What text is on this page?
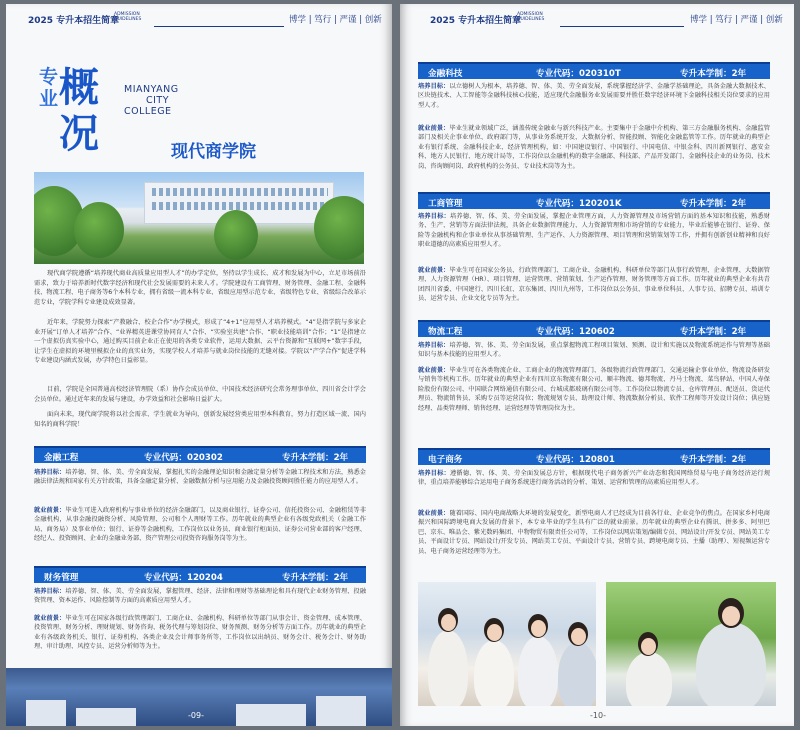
2025 专升本招生简章
ADMISSION
GUIDELINES	博学 | 笃行 | 严谨 | 创新
专
业 概
况
MIANYANG
CITY
COLLEGE
现代商学院

现代商学院遵循“培养现代商业高质量应用型人才”的办学定位，坚持以学生成长、成才和发展为中心，立足市场前沿需求，致力于培养新时代数字经济和现代社会发展需要的未来人才。学院建设有工商管理、财务管理、金融工程、金融科技、物流工程、电子商务等6个本科专业，拥有省级一流本科专业、省级应用型示范专业、省级特色专业、省级综合改革示范专业，学院学科专业建设成效显著。

近年来，学院努力探索“产教融合、校企合作”办学模式，形成了“4+1”应用型人才培养模式。“4”是指学院与多家企业开展“订单人才培养”合作、“业界精英进课堂协同育人”合作、“实验室共建”合作、“职业技能培训”合作；“1”是指建立一个虚拟仿真实验中心，通过购买目前企业正在使用的各类专业软件，运用大数据、云平台资源和“互联网+”数字手段，让学生在虚拟的环境里模拟企业的真实业务，实现学校人才培养与就业岗位技能的无缝对接。学院以“产学合作”促进学科专业建设内涵式发展，办学特色日益彰显。

目前，学院是全国普通高校经济管理院（系）协作会成员单位、中国技术经济研究会常务理事单位、四川省会计学会会员单位。通过近年来的发展与建设，办学效益和社会影响日益扩大。

面向未来，现代商学院将以社会需求、学生就业为导向，创新发展经营类应用型本科教育，努力打造区域一流、国内知名的商科学院！

金融工程	专业代码：020302	专升本学制：2年

培养目标：培养德、智、体、美、劳全面发展，掌握扎实的金融理论知识和金融定量分析等金融工程技术和方法，熟悉金融法律法规和国家有关方针政策，具备金融定量分析、金融数据分析与应用能力及金融投资顾问胜任能力的应用型人才。

就业前景：毕业生可进入政府机构与事业单位的经济金融部门，以及商业银行、证券公司、信托投资公司、金融租赁等非金融机构，从事金融投融资分析、风险管理、公司和个人理财等工作。历年就业的典型企业有各级党政机关（金融工作局、商务局）及事业单位；银行、证券等金融机构，工作岗位以业务员、商业银行柜面员、证券公司营业部的客户经理、经纪人、投资顾问、企业的金融业务部、资产管理公司投资咨询服务岗等为主。

财务管理	专业代码：120204	专升本学制：2年

培养目标：培养德、智、体、美、劳全面发展，掌握管理、经济、法律和理财等基础理论和具有现代企业财务管理、投融资管理、资本运作、风险控制等方面的高素质应用型人才。

就业前景：毕业生可在国家各级行政管理部门、工商企业、金融机构、科研单位等部门从事会计、资金管理、成本管理、投资管理、财务分析、理财规划、财务咨询、税务代理与筹划岗位、财务预测、财务分析等方面工作。历年就业的典型企业有各级政务机关、银行、证券机构、各类企业及会计师事务所等，工作岗位以出纳员、财务会计、税务会计、财务助理、审计助理、风控专员、运营分析师等为主。

-09-
2025 专升本招生简章
ADMISSION
GUIDELINES	博学 | 笃行 | 严谨 | 创新
金融科技	专业代码：020310T	专升本学制：2年

培养目标：以立德树人为根本，培养德、智、体、美、劳全面发展，系统掌握经济学、金融学基础理论，具备金融大数据技术、区块链技术、人工智能等金融科技核心技能，适应现代金融服务业发展需要并胜任数字经济环境下金融科技相关岗位要求的应用型人才。

就业前景：毕业生就业领域广泛，涵盖传统金融业与新兴科技产业。主要集中于金融中介机构、第三方金融服务机构、金融监管部门及相关企事业单位、政府部门等，从事业务系统开发、大数据分析、智能投顾、智能化金融监管等工作。历年就业的典型企业有银行系统、金融科技企业、经济管理机构，如：中国建设银行、中国银行、中国电信、中银金科、四川新网银行、惠安金科、地方人民银行、地方统计局等，工作岗位以金融机构的数字金融部、科技部、产品开发部门、金融科技企业的业务岗、技术岗、咨询顾问岗、政府机构的公务员、专业技术岗等为主。

工商管理	专业代码：120201K	专升本学制：2年

培养目标：培养德、智、体、美、劳全面发展，掌握企业管理方面，人力资源管理及市场营销方面的基本知识和技能，熟悉财务、生产、营销等方面法律法规，具备企业数据管理能力、人力资源管理和市场营销的专业能力，毕业后能够在银行、证券、保险等金融机构和企事业单位从事基础管理、生产运作、人力资源管理、项目管理和营销策划等工作，并拥有创新创业精神和良好职业道德的高素质应用型人才。

就业前景：毕业生可在国家公务员、行政管理部门、工商企业、金融机构、科研单位等部门从事行政管理、企业管理、大数据管理、人力资源管理（HR）、项目管理、运营管理、营销策划、生产运作管理、财务管理等方面工作。历年就业的典型企业有共青团四川省委、中国建行、四川长虹、京东集团、四川九州等，工作岗位以公务员、事业单位科员、人事专员、招聘专员、培训专员、运营专员、企业文化专员等为主。

物流工程	专业代码：120602	专升本学制：2年

培养目标：培养德、智、体、美、劳全面发展，重点掌握物流工程项目策划、预测、设计和实施以及物流系统运作与管理等基础知识与基本技能的应用型人才。

就业前景：毕业生可在各类物流企业、工商企业的物流管理部门、各级物流行政管理部门、交通运输企事业单位、物流设备研发与销售等机构工作。历年就业的典型企业有四川京东物流有限公司、顺丰物流、德邦物流、丹马士物流、菜鸟驿站、中国人寿保险股份有限公司、中国联合网络通信有限公司、台城成都玻璃有限公司等。工作岗位以物流专员、仓库管理员、配送员、货运代理员、物流销售员、采购专员等运营岗位；物流规划专员、助理设计师、物流数据分析员、软件工程师等开发设计岗位；供应链经理、品类管理师、销售经理、运营经理等管理岗位为主。

电子商务	专业代码：120801	专升本学制：2年

培养目标：遵循德、智、体、美、劳全面发展总方针，根据现代电子商务新兴产业动态和我国网络贸易与电子商务经济运行规律，重点培养能够综合运用电子商务系统进行商务活动的分析、策划、运营和管理的高素质应用型人才。

就业前景：随着国际、国内电商战略大环境的发展变化，新型电商人才已经成为目前各行业、企业竞争的焦点。在国家乡村电商振兴和国际跨境电商大发展的背景下，本专业毕业的学生具有广泛的就业前景。历年就业的典型企业有腾讯、拼多多、阿里巴巴、京东、唯品会、紫光数码集团、中物物贸有限责任公司等，工作岗位以网店策划/编辑专员、网站设计/开发专员、网站美工专员、平面设计专员、网站设计/开发专员、网站美工专员、平面设计专员、营销专员、跨境电商专员、主播（助理）、短视频运营专员、电子商务运营经理等为主。

-10-
